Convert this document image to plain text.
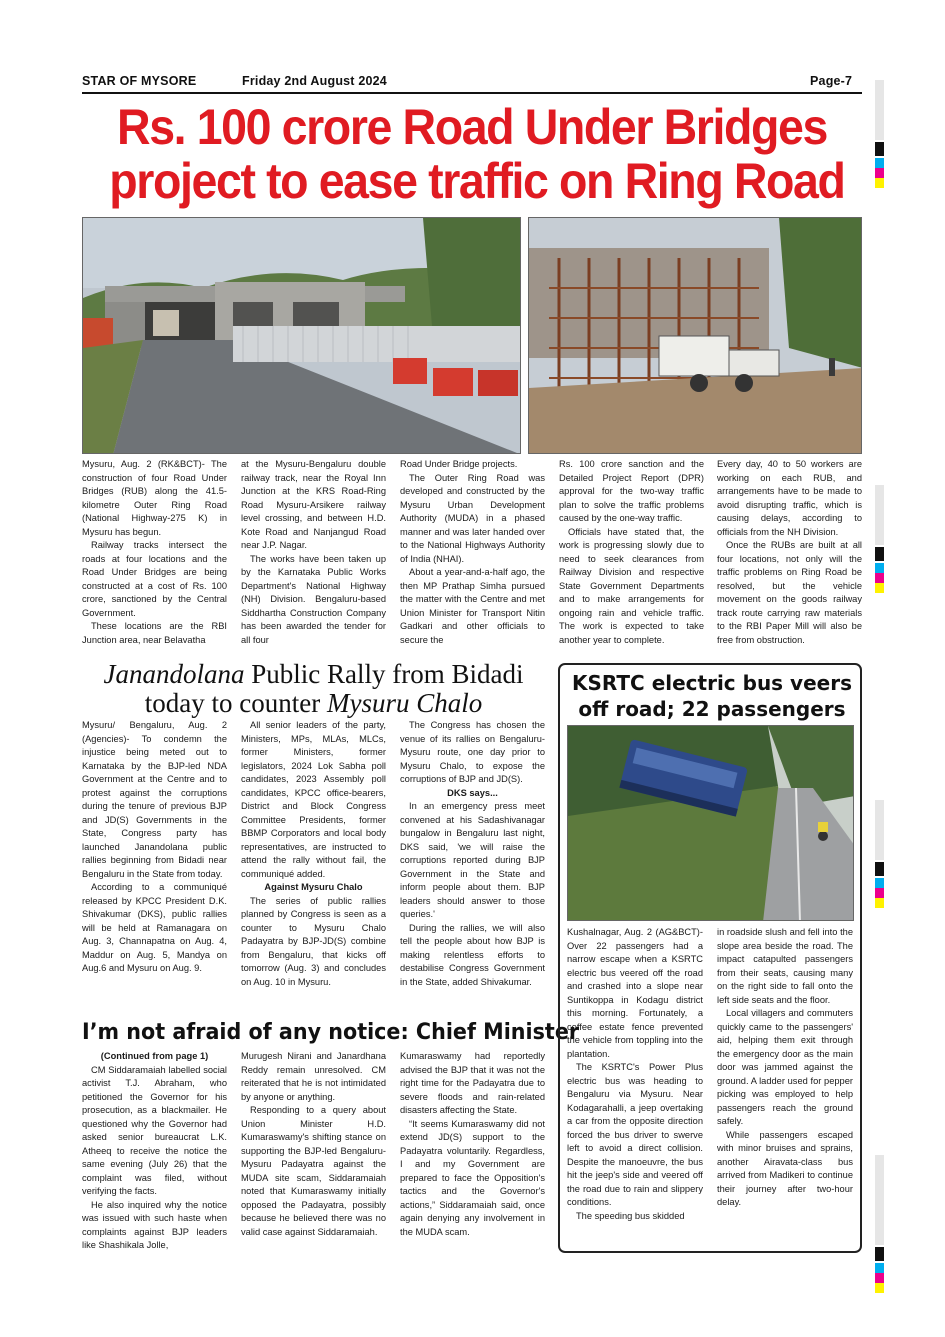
STAR OF MYSORE	Friday 2nd August 2024	Page-7
Rs. 100 crore Road Under Bridges
project to ease traffic on Ring Road

Mysuru, Aug. 2 (RK&BCT)- The construction of four Road Under Bridges (RUB) along the 41.5-kilometre Outer Ring Road (National Highway-275 K) in Mysuru has begun.

Railway tracks intersect the roads at four locations and the Road Under Bridges are being constructed at a cost of Rs. 100 crore, sanctioned by the Central Government.

These locations are the RBI Junction area, near Belavatha

at the Mysuru-Bengaluru double railway track, near the Royal Inn Junction at the KRS Road-Ring Road Mysuru-Arsikere railway level crossing, and between H.D. Kote Road and Nanjangud Road near J.P. Nagar.

The works have been taken up by the Karnataka Public Works Department's National Highway (NH) Division. Bengaluru-based Siddhartha Construction Company has been awarded the tender for all four

Road Under Bridge projects.

The Outer Ring Road was developed and constructed by the Mysuru Urban Development Authority (MUDA) in a phased manner and was later handed over to the National Highways Authority of India (NHAI).

About a year-and-a-half ago, the then MP Prathap Simha pursued the matter with the Centre and met Union Minister for Transport Nitin Gadkari and other officials to secure the

Rs. 100 crore sanction and the Detailed Project Report (DPR) approval for the two-way traffic plan to solve the traffic problems caused by the one-way traffic.

Officials have stated that, the work is progressing slowly due to need to seek clearances from Railway Division and respective State Government Departments and to make arrangements for ongoing rain and vehicle traffic. The work is expected to take another year to complete.

Every day, 40 to 50 workers are working on each RUB, and arrangements have to be made to avoid disrupting traffic, which is causing delays, according to officials from the NH Division.

Once the RUBs are built at all four locations, not only will the traffic problems on Ring Road be resolved, but the vehicle movement on the goods railway track route carrying raw materials to the RBI Paper Mill will also be free from obstruction.

Janandolana Public Rally from Bidadi
today to counter Mysuru Chalo

Mysuru/ Bengaluru, Aug. 2 (Agencies)- To condemn the injustice being meted out to Karnataka by the BJP-led NDA Government at the Centre and to protest against the corruptions during the tenure of previous BJP and JD(S) Governments in the State, Congress party has launched Janandolana public rallies beginning from Bidadi near Bengaluru in the State from today.

According to a communiqué released by KPCC President D.K. Shivakumar (DKS), public rallies will be held at Ramanagara on Aug. 3, Channapatna on Aug. 4, Maddur on Aug. 5, Mandya on Aug.6 and Mysuru on Aug. 9.

All senior leaders of the party, Ministers, MPs, MLAs, MLCs, former Ministers, former legislators, 2024 Lok Sabha poll candidates, 2023 Assembly poll candidates, KPCC office-bearers, District and Block Congress Committee Presidents, former BBMP Corporators and local body representatives, are instructed to attend the rally without fail, the communiqué added.

Against Mysuru Chalo

The series of public rallies planned by Congress is seen as a counter to Mysuru Chalo Padayatra by BJP-JD(S) combine from Bengaluru, that kicks off tomorrow (Aug. 3) and concludes on Aug. 10 in Mysuru.

The Congress has chosen the venue of its rallies on Bengaluru-Mysuru route, one day prior to Mysuru Chalo, to expose the corruptions of BJP and JD(S).

DKS says...

In an emergency press meet convened at his Sadashivanagar bungalow in Bengaluru last night, DKS said, 'we will raise the corruptions reported during BJP Government in the State and inform people about them. BJP leaders should answer to those queries.'

During the rallies, we will also tell the people about how BJP is making relentless efforts to destabilise Congress Government in the State, added Shivakumar.

I’m not afraid of any notice: Chief Minister

(Continued from page 1)

CM Siddaramaiah labelled social activist T.J. Abraham, who petitioned the Governor for his prosecution, as a blackmailer. He questioned why the Governor had asked senior bureaucrat L.K. Atheeq to receive the notice the same evening (July 26) that the complaint was filed, without verifying the facts.

He also inquired why the notice was issued with such haste when complaints against BJP leaders like Shashikala Jolle,

Murugesh Nirani and Janardhana Reddy remain unresolved. CM reiterated that he is not intimidated by anyone or anything.

Responding to a query about Union Minister H.D. Kumaraswamy's shifting stance on supporting the BJP-led Bengaluru-Mysuru Padayatra against the MUDA site scam, Siddaramaiah noted that Kumaraswamy initially opposed the Padayatra, possibly because he believed there was no valid case against Siddaramaiah.

Kumaraswamy had reportedly advised the BJP that it was not the right time for the Padayatra due to severe floods and rain-related disasters affecting the State.

“It seems Kumaraswamy did not extend JD(S) support to the Padayatra voluntarily. Regardless, I and my Government are prepared to face the Opposition's tactics and the Governor's actions,” Siddaramaiah said, once again denying any involvement in the MUDA scam.

KSRTC electric bus veers off road; 22 passengers

Kushalnagar, Aug. 2 (AG&BCT)- Over 22 passengers had a narrow escape when a KSRTC electric bus veered off the road and crashed into a slope near Suntikoppa in Kodagu district this morning. Fortunately, a coffee estate fence prevented the vehicle from toppling into the plantation.

The KSRTC's Power Plus electric bus was heading to Bengaluru via Mysuru. Near Kodagarahalli, a jeep overtaking a car from the opposite direction forced the bus driver to swerve left to avoid a direct collision. Despite the manoeuvre, the bus hit the jeep's side and veered off the road due to rain and slippery conditions.

The speeding bus skidded

in roadside slush and fell into the slope area beside the road. The impact catapulted passengers from their seats, causing many on the right side to fall onto the left side seats and the floor.

Local villagers and commuters quickly came to the passengers' aid, helping them exit through the emergency door as the main door was jammed against the ground. A ladder used for pepper picking was employed to help passengers reach the ground safely.

While passengers escaped with minor bruises and sprains, another Airavata-class bus arrived from Madikeri to continue their journey after two-hour delay.
